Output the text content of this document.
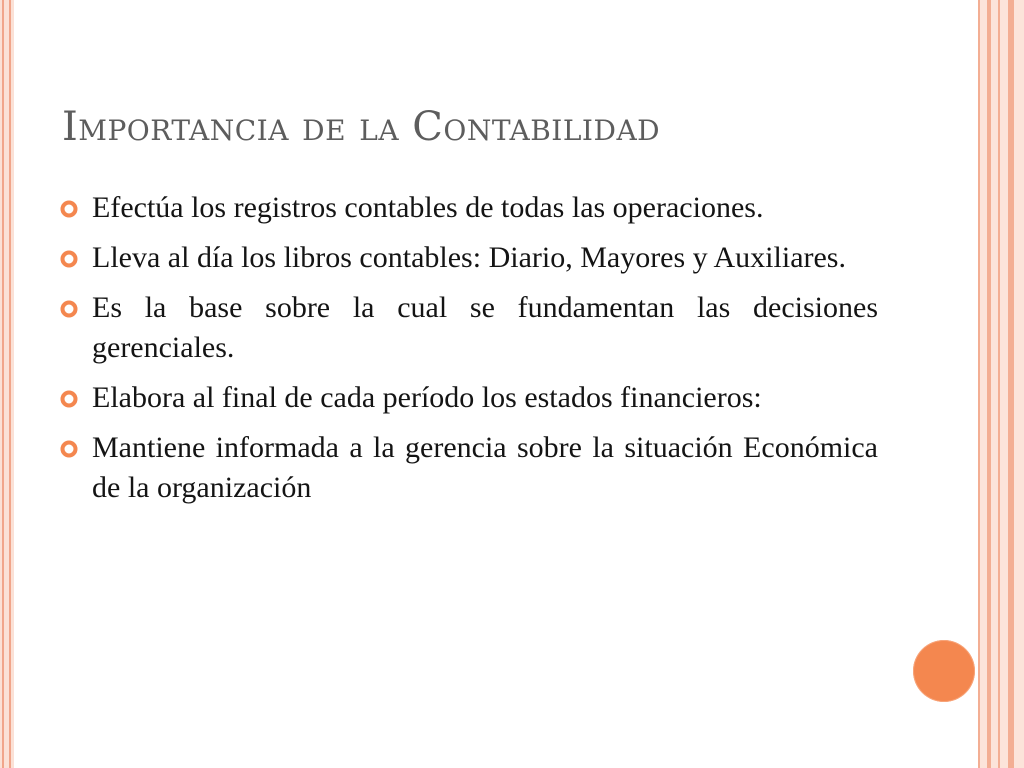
Importancia de la Contabilidad
Efectúa los registros contables de todas las operaciones.
Lleva al día los libros contables: Diario, Mayores y Auxiliares.
Es la base sobre la cual se fundamentan las decisiones gerenciales.
Elabora al final de cada período los estados financieros:
Mantiene informada a la gerencia sobre la situación Económica de la organización
